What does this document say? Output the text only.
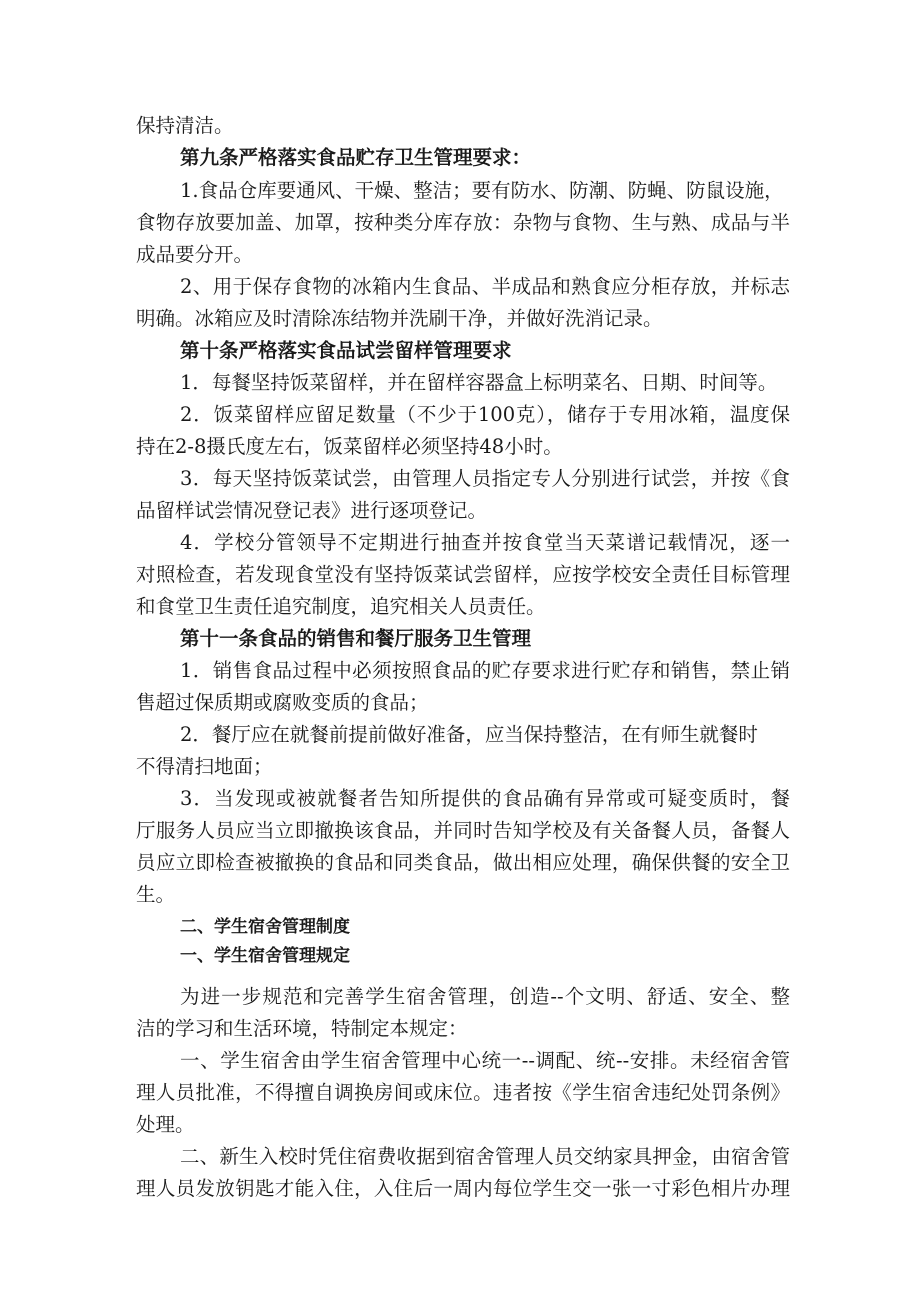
保持清洁。

第九条严格落实食品贮存卫生管理要求：

1.食品仓库要通风、干燥、整洁；要有防水、防潮、防蝇、防鼠设施，

食物存放要加盖、加罩，按种类分库存放：杂物与食物、生与熟、成品与半

成品要分开。

2、用于保存食物的冰箱内生食品、半成品和熟食应分柜存放，并标志

明确。冰箱应及时清除冻结物并洗刷干净，并做好洗消记录。

第十条严格落实食品试尝留样管理要求

1．每餐坚持饭菜留样，并在留样容器盒上标明菜名、日期、时间等。

2．饭菜留样应留足数量（不少于100克），储存于专用冰箱，温度保

持在2-8摄氏度左右，饭菜留样必须坚持48小时。

3．每天坚持饭菜试尝，由管理人员指定专人分别进行试尝，并按《食

品留样试尝情况登记表》进行逐项登记。

4．学校分管领导不定期进行抽查并按食堂当天菜谱记载情况，逐一

对照检查，若发现食堂没有坚持饭菜试尝留样，应按学校安全责任目标管理

和食堂卫生责任追究制度，追究相关人员责任。

第十一条食品的销售和餐厅服务卫生管理

1．销售食品过程中必须按照食品的贮存要求进行贮存和销售，禁止销

售超过保质期或腐败变质的食品；

2．餐厅应在就餐前提前做好准备，应当保持整洁，在有师生就餐时

不得清扫地面；

3．当发现或被就餐者告知所提供的食品确有异常或可疑变质时，餐

厅服务人员应当立即撤换该食品，并同时告知学校及有关备餐人员，备餐人

员应立即检查被撤换的食品和同类食品，做出相应处理，确保供餐的安全卫

生。

二、学生宿舍管理制度

一、学生宿舍管理规定

为进一步规范和完善学生宿舍管理，创造--个文明、舒适、安全、整

洁的学习和生活环境，特制定本规定：

一、学生宿舍由学生宿舍管理中心统一--调配、统--安排。未经宿舍管

理人员批准，不得擅自调换房间或床位。违者按《学生宿舍违纪处罚条例》

处理。

二、新生入校时凭住宿费收据到宿舍管理人员交纳家具押金，由宿舍管

理人员发放钥匙才能入住，入住后一周内每位学生交一张一寸彩色相片办理
